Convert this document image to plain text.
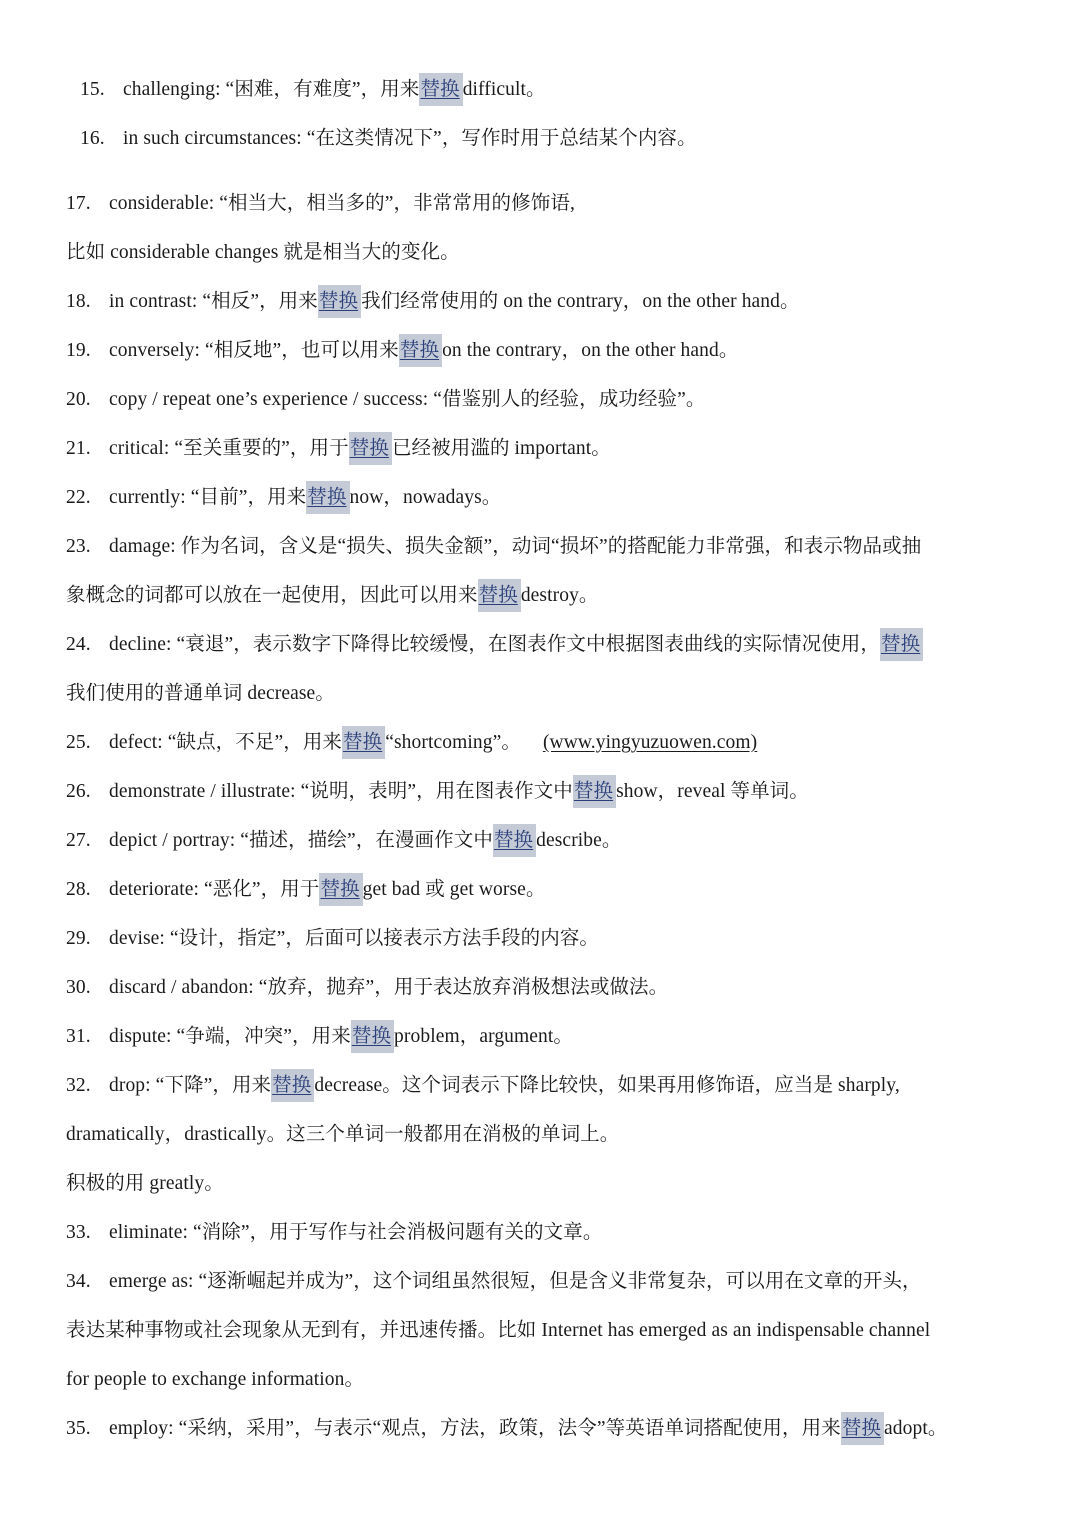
15. challenging: “困难，有难度”，用来替换 difficult。
16. in such circumstances: “在这类情况下”，写作时用于总结某个内容。
17. considerable: “相当大，相当多的”，非常常用的修饰语,
比如 considerable changes 就是相当大的变化。
18. in contrast: “相反”，用来替换 我们经常使用的 on the contrary，on the other hand。
19. conversely: “相反地”，也可以用来替换 on the contrary，on the other hand。
20. copy / repeat one’s experience / success: “借鉴别人的经验，成功经验”。
21. critical: “至关重要的”，用于替换 已经被用滥的 important。
22. currently: “目前”，用来替换 now，nowadays。
23. damage: 作为名词，含义是“损失、损失金额”，动词“损坏”的搭配能力非常强，和表示物品或抽
象概念的词都可以放在一起使用，因此可以用来替换 destroy。
24. decline: “衰退”，表示数字下降得比较缓慢，在图表作文中根据图表曲线的实际情况使用，替换
我们使用的普通单词 decrease。
25. defect: “缺点，不足”，用来替换 “shortcoming”。 (www.yingyuzuowen.com)
26. demonstrate / illustrate: “说明，表明”，用在图表作文中替换 show，reveal 等单词。
27. depict / portray: “描述，描绘”，在漫画作文中替换 describe。
28. deteriorate: “恶化”，用于替换 get bad 或 get worse。
29. devise: “设计，指定”，后面可以接表示方法手段的内容。
30. discard / abandon: “放弃，抛弃”，用于表达放弃消极想法或做法。
31. dispute: “争端，冲突”，用来替换 problem，argument。
32. drop: “下降”，用来替换 decrease。这个词表示下降比较快，如果再用修饰语，应当是 sharply,
dramatically，drastically。这三个单词一般都用在消极的单词上。
积极的用 greatly。
33. eliminate: “消除”，用于写作与社会消极问题有关的文章。
34. emerge as: “逐渐崛起并成为”，这个词组虽然很短，但是含义非常复杂，可以用在文章的开头，
表达某种事物或社会现象从无到有，并迅速传播。比如 Internet has emerged as an indispensable channel
for people to exchange information。
35. employ: “采纳，采用”，与表示“观点，方法，政策，法令”等英语单词搭配使用，用来替换 adopt。
